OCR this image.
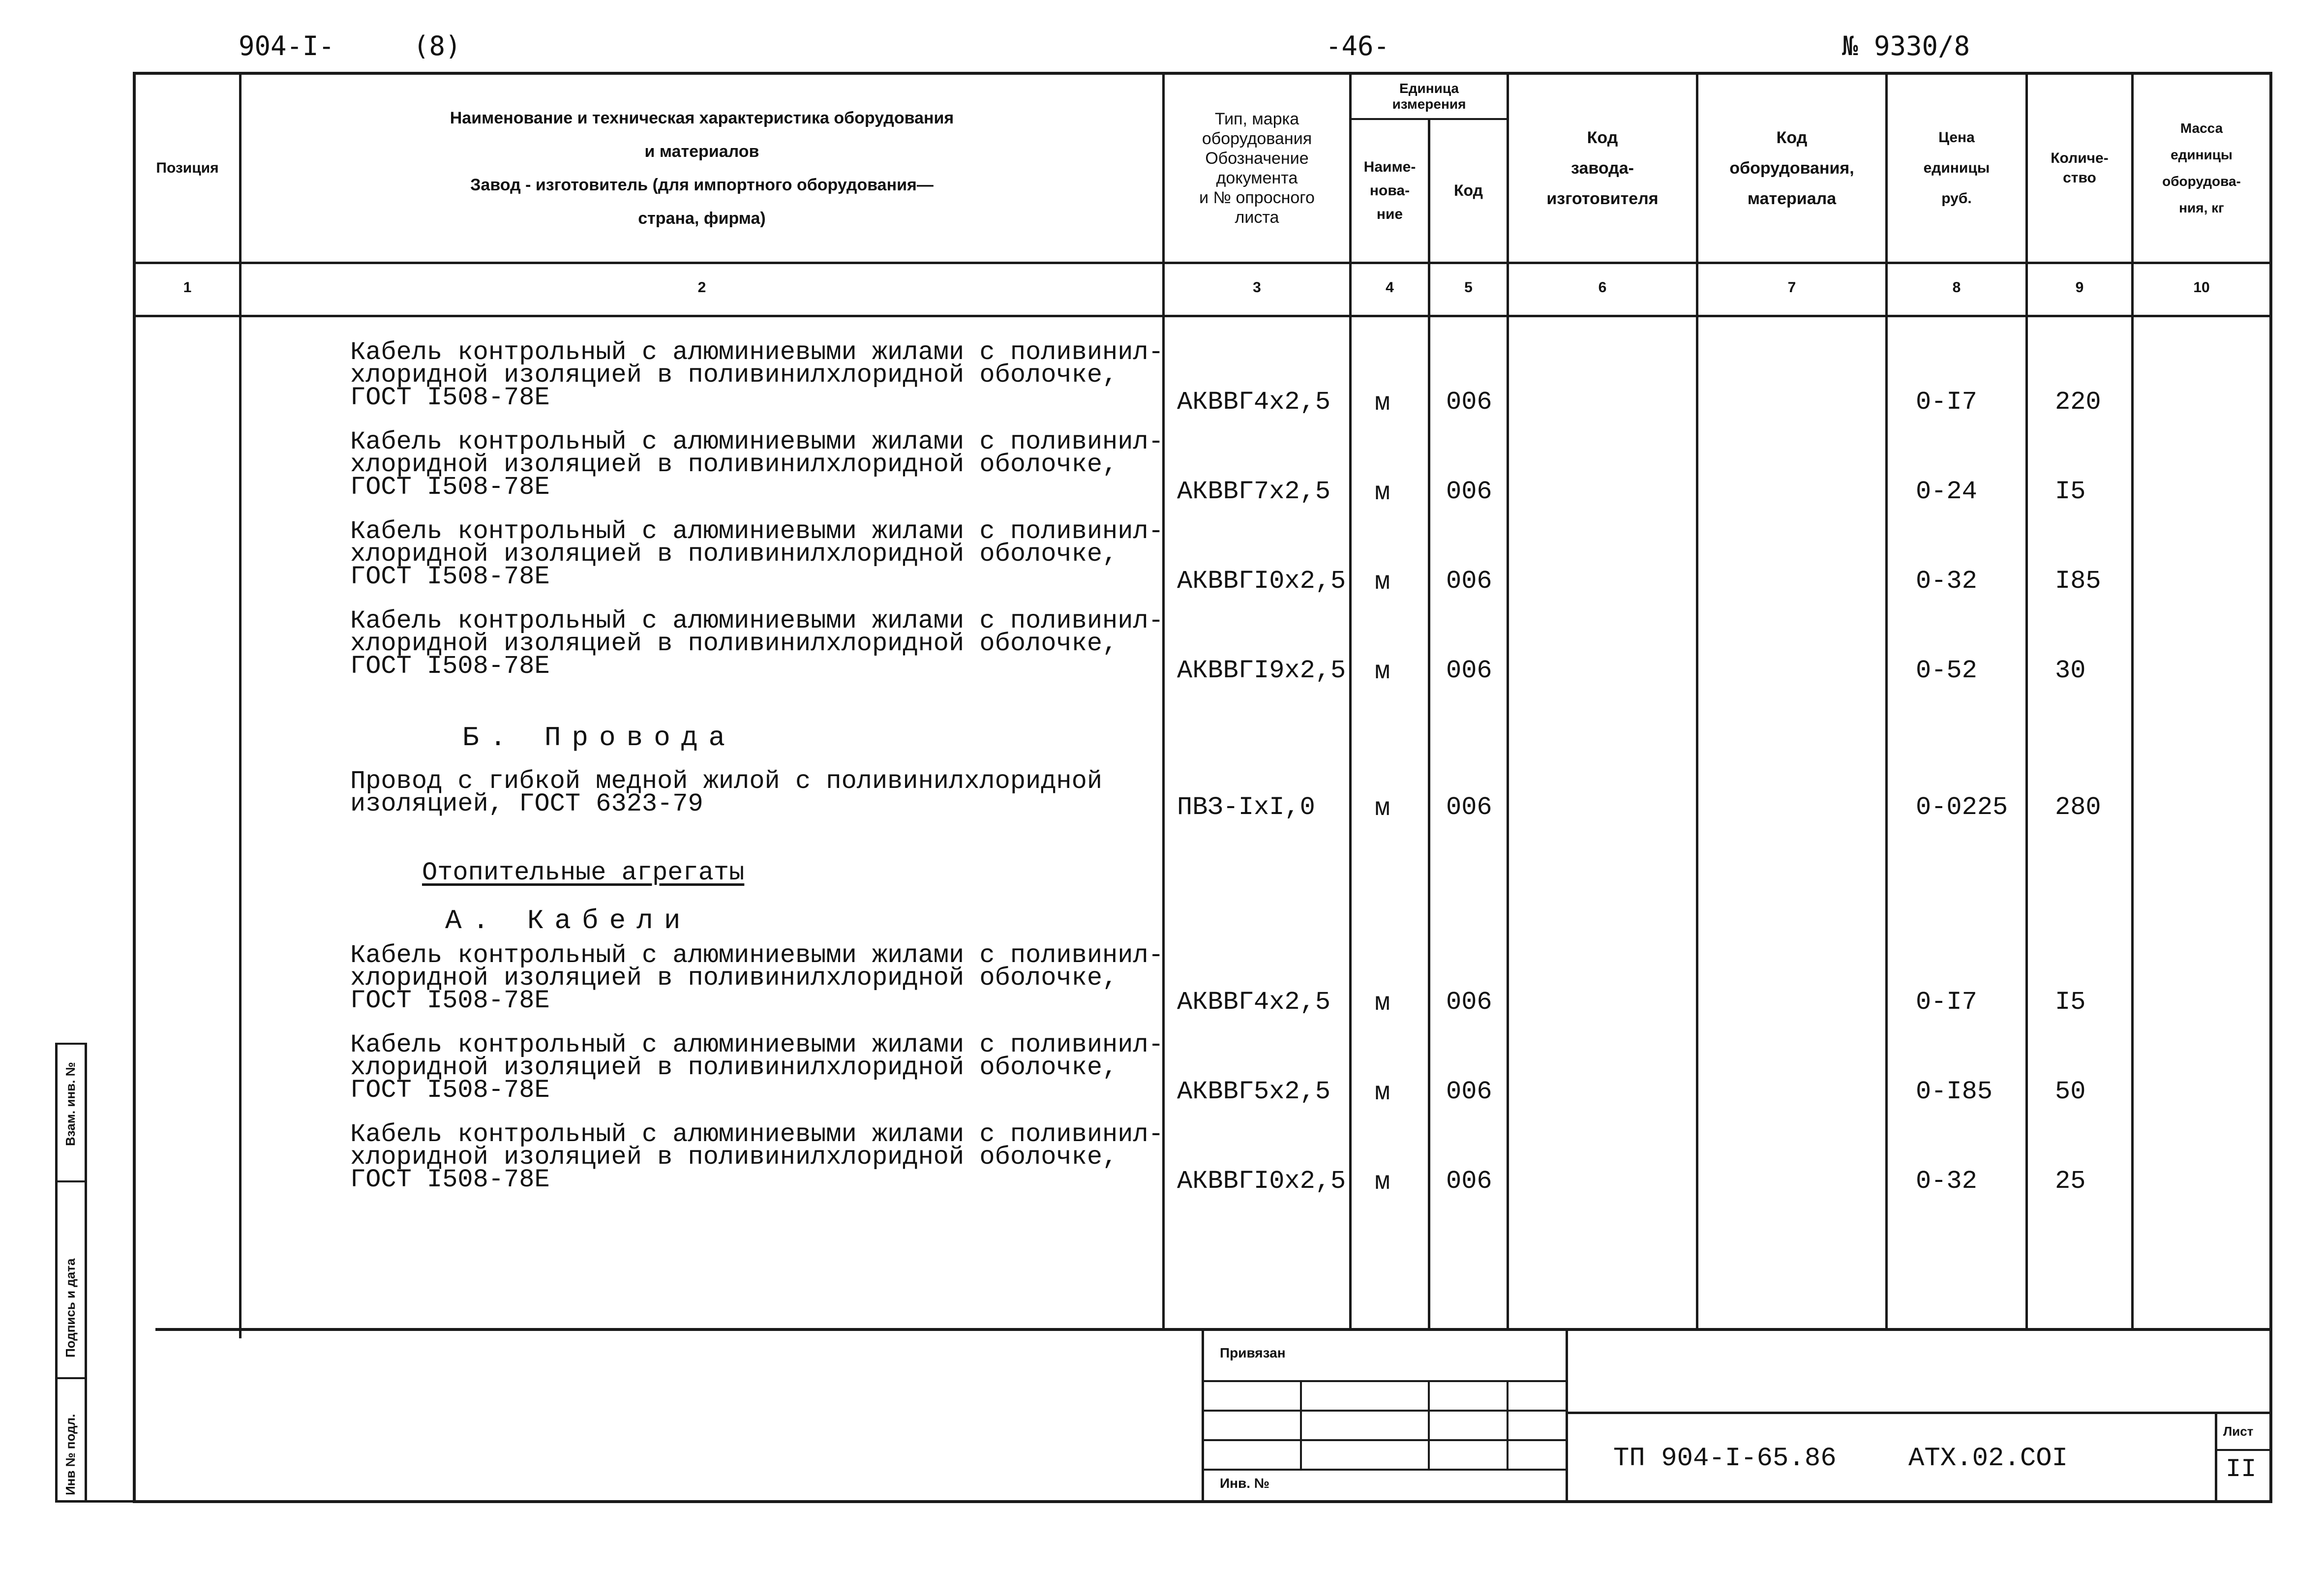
904-I-	(8)	-46-	№ 9330/8
Позиция
Наименование и техническая характеристика оборудования
и материалов
Завод - изготовитель (для импортного оборудования—
страна, фирма)
Тип, марка
оборудования
Обозначение
документа
и № опросного
листа
Единица
измерения
Наиме-
нова-
ние
Код
Код
завода-
изготовителя
Код
оборудования,
материала
Цена
единицы
руб.
Количе-
ство
Масса
единицы
оборудова-
ния, кг
1	2	3	4	5	6	7	8	9	10
Кабель контрольный с алюминиевыми жилами с поливинил-
хлоридной изоляцией в поливинилхлоридной оболочке,
ГОСТ I508-78Е	АКВВГ4х2,5 м 006	0-I7	220
Кабель контрольный с алюминиевыми жилами с поливинил-
хлоридной изоляцией в поливинилхлоридной оболочке,
ГОСТ I508-78Е	АКВВГ7х2,5 м 006	0-24	I5
Кабель контрольный с алюминиевыми жилами с поливинил-
хлоридной изоляцией в поливинилхлоридной оболочке,
ГОСТ I508-78Е	АКВВГI0х2,5 м 006	0-32	I85
Кабель контрольный с алюминиевыми жилами с поливинил-
хлоридной изоляцией в поливинилхлоридной оболочке,
ГОСТ I508-78Е	АКВВГI9х2,5 м 006	0-52	30
Б. Провода
Провод с гибкой медной жилой с поливинилхлоридной
изоляцией, ГОСТ 6323-79	ПВЗ-IхI,0 м 006	0-0225 280
Отопительные агрегаты
А. Кабели
Кабель контрольный с алюминиевыми жилами с поливинил-
хлоридной изоляцией в поливинилхлоридной оболочке,
ГОСТ I508-78Е	АКВВГ4х2,5 м 006	0-I7	I5
Кабель контрольный с алюминиевыми жилами с поливинил-
хлоридной изоляцией в поливинилхлоридной оболочке,
ГОСТ I508-78Е	АКВВГ5х2,5 м 006	0-I85 50
Кабель контрольный с алюминиевыми жилами с поливинил-
хлоридной изоляцией в поливинилхлоридной оболочке,
ГОСТ I508-78Е	АКВВГI0х2,5 м 006	0-32	25
Привязан
Инв. №
ТП 904-I-65.86	АТХ.02.СОI
Лист
II
Взам. инв. №
Подпись и дата
Инв № подл.
